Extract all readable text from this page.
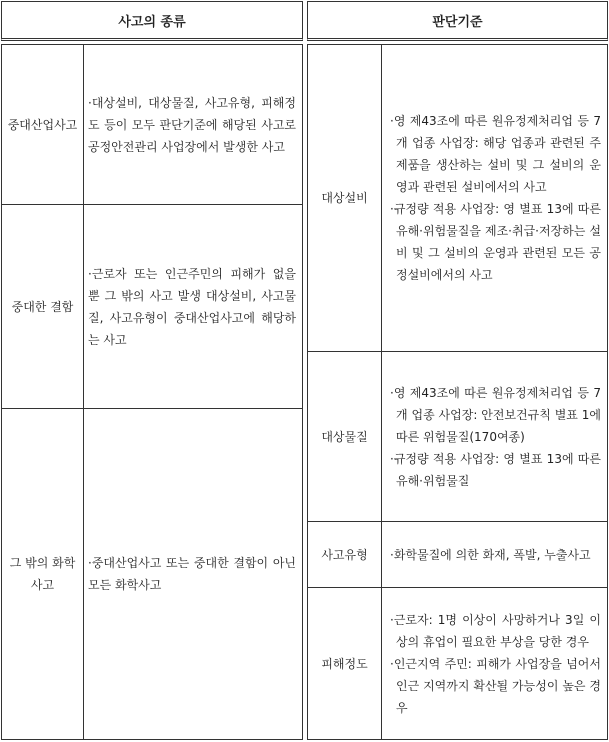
사고의 종류	판단기준
중대산업사고
·대상설비, 대상물질, 사고유형, 피해정도 등이 모두 판단기준에 해당된 사고로 공정안전관리 사업장에서 발생한 사고
중대한 결함
·근로자 또는 인근주민의 피해가 없을 뿐 그 밖의 사고 발생 대상설비, 사고물질, 사고유형이 중대산업사고에 해당하는 사고
그 밖의 화학사고
·중대산업사고 또는 중대한 결함이 아닌 모든 화학사고
대상설비
·영 제43조에 따른 원유정제처리업 등 7개 업종 사업장: 해당 업종과 관련된 주제품을 생산하는 설비 및 그 설비의 운영과 관련된 설비에서의 사고
·규정량 적용 사업장: 영 별표 13에 따른 유해·위험물질을 제조·취급·저장하는 설비 및 그 설비의 운영과 관련된 모든 공정설비에서의 사고
대상물질
·영 제43조에 따른 원유정제처리업 등 7개 업종 사업장: 안전보건규칙 별표 1에 따른 위험물질(170여종)
·규정량 적용 사업장: 영 별표 13에 따른 유해·위험물질
사고유형	·화학물질에 의한 화재, 폭발, 누출사고
피해정도
·근로자: 1명 이상이 사망하거나 3일 이상의 휴업이 필요한 부상을 당한 경우
·인근지역 주민: 피해가 사업장을 넘어서 인근 지역까지 확산될 가능성이 높은 경우
